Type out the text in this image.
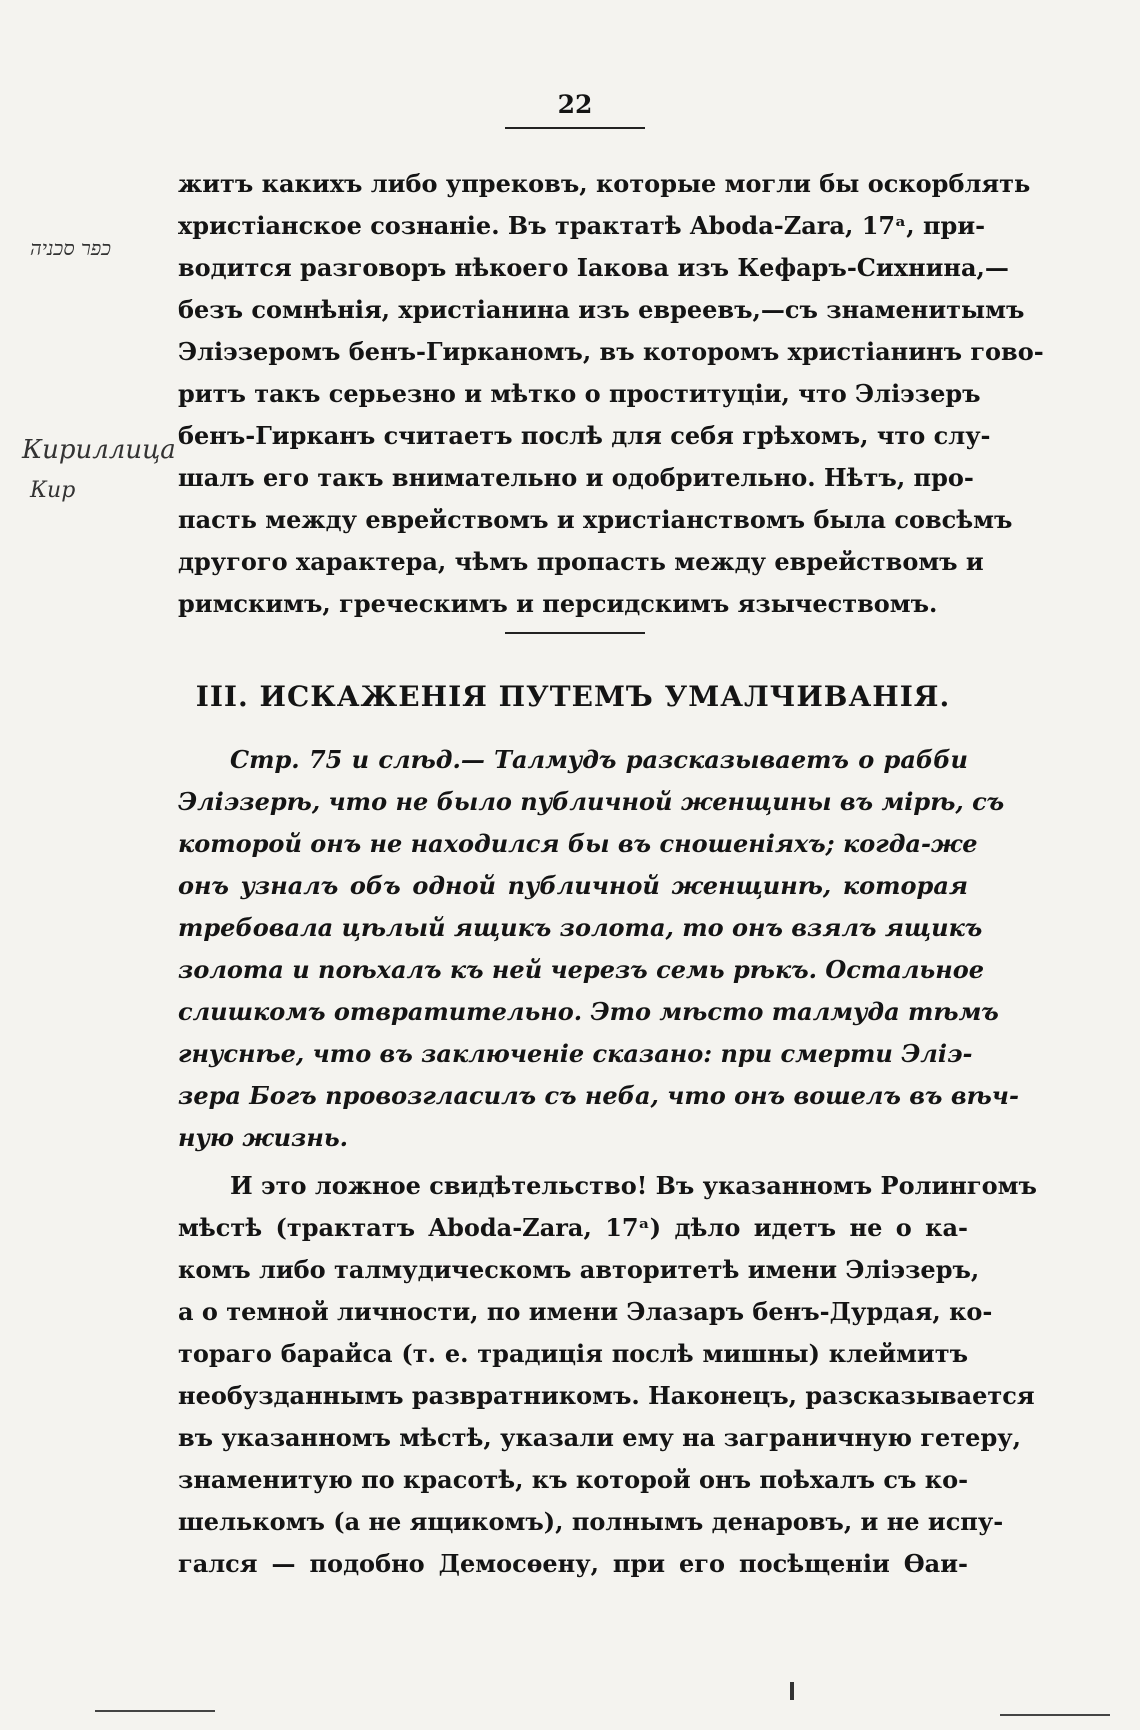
22
כפר סכניה
Кириллица
Кир
житъ какихъ либо упрековъ, которые могли бы оскорблять
христіанское сознаніе. Въ трактатѣ Aboda-Zara, 17ᵃ, при-
водится разговоръ нѣкоего Іакова изъ Кефаръ-Сихнина,—
безъ сомнѣнія, христіанина изъ евреевъ,—съ знаменитымъ
Эліэзеромъ бенъ-Гирканомъ, въ которомъ христіанинъ гово-
ритъ такъ серьезно и мѣтко о проституціи, что Эліэзеръ
бенъ-Гирканъ считаетъ послѣ для себя грѣхомъ, что слу-
шалъ его такъ внимательно и одобрительно. Нѣтъ, про-
пасть между еврействомъ и христіанствомъ была совсѣмъ
другого характера, чѣмъ пропасть между еврействомъ и
римскимъ, греческимъ и персидскимъ язычествомъ.
III. ИСКАЖЕНІЯ ПУТЕМЪ УМАЛЧИВАНІЯ.
Стр. 75 и слѣд.— Талмудъ разсказываетъ о рабби
Эліэзерѣ, что не было публичной женщины въ мірѣ, съ
которой онъ не находился бы въ сношеніяхъ; когда-же
онъ узналъ объ одной публичной женщинѣ, которая
требовала цѣлый ящикъ золота, то онъ взялъ ящикъ
золота и поѣхалъ къ ней черезъ семь рѣкъ. Остальное
слишкомъ отвратительно. Это мѣсто талмуда тѣмъ
гнуснѣе, что въ заключеніе сказано: при смерти Эліэ-
зера Богъ провозгласилъ съ неба, что онъ вошелъ въ вѣч-
ную жизнь.
И это ложное свидѣтельство! Въ указанномъ Ролингомъ
мѣстѣ (трактатъ Aboda-Zara, 17ᵃ) дѣло идетъ не о ка-
комъ либо талмудическомъ авторитетѣ имени Эліэзеръ,
а о темной личности, по имени Элазаръ бенъ-Дурдая, ко-
тораго барайса (т. е. традиція послѣ мишны) клеймитъ
необузданнымъ развратникомъ. Наконецъ, разсказывается
въ указанномъ мѣстѣ, указали ему на заграничную гетеру,
знаменитую по красотѣ, къ которой онъ поѣхалъ съ ко-
шелькомъ (а не ящикомъ), полнымъ денаровъ, и не испу-
гался — подобно Демосѳену, при его посѣщеніи Ѳаи-
